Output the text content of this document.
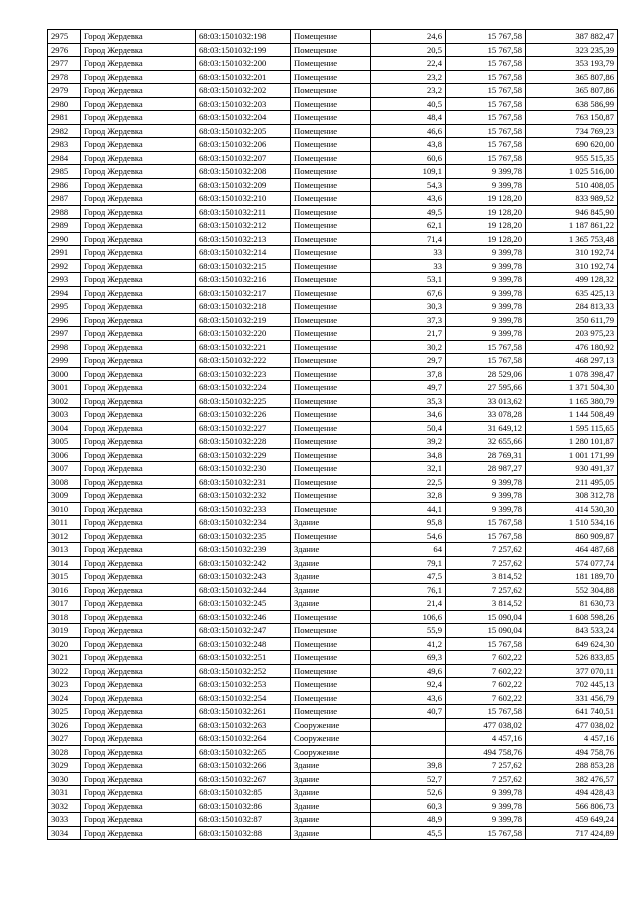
2975	Город Жердевка	68:03:1501032:198	Помещение	24,6	15 767,58	387 882,47
2976	Город Жердевка	68:03:1501032:199	Помещение	20,5	15 767,58	323 235,39
2977	Город Жердевка	68:03:1501032:200	Помещение	22,4	15 767,58	353 193,79
2978	Город Жердевка	68:03:1501032:201	Помещение	23,2	15 767,58	365 807,86
2979	Город Жердевка	68:03:1501032:202	Помещение	23,2	15 767,58	365 807,86
2980	Город Жердевка	68:03:1501032:203	Помещение	40,5	15 767,58	638 586,99
2981	Город Жердевка	68:03:1501032:204	Помещение	48,4	15 767,58	763 150,87
2982	Город Жердевка	68:03:1501032:205	Помещение	46,6	15 767,58	734 769,23
2983	Город Жердевка	68:03:1501032:206	Помещение	43,8	15 767,58	690 620,00
2984	Город Жердевка	68:03:1501032:207	Помещение	60,6	15 767,58	955 515,35
2985	Город Жердевка	68:03:1501032:208	Помещение	109,1	9 399,78	1 025 516,00
2986	Город Жердевка	68:03:1501032:209	Помещение	54,3	9 399,78	510 408,05
2987	Город Жердевка	68:03:1501032:210	Помещение	43,6	19 128,20	833 989,52
2988	Город Жердевка	68:03:1501032:211	Помещение	49,5	19 128,20	946 845,90
2989	Город Жердевка	68:03:1501032:212	Помещение	62,1	19 128,20	1 187 861,22
2990	Город Жердевка	68:03:1501032:213	Помещение	71,4	19 128,20	1 365 753,48
2991	Город Жердевка	68:03:1501032:214	Помещение	33	9 399,78	310 192,74
2992	Город Жердевка	68:03:1501032:215	Помещение	33	9 399,78	310 192,74
2993	Город Жердевка	68:03:1501032:216	Помещение	53,1	9 399,78	499 128,32
2994	Город Жердевка	68:03:1501032:217	Помещение	67,6	9 399,78	635 425,13
2995	Город Жердевка	68:03:1501032:218	Помещение	30,3	9 399,78	284 813,33
2996	Город Жердевка	68:03:1501032:219	Помещение	37,3	9 399,78	350 611,79
2997	Город Жердевка	68:03:1501032:220	Помещение	21,7	9 399,78	203 975,23
2998	Город Жердевка	68:03:1501032:221	Помещение	30,2	15 767,58	476 180,92
2999	Город Жердевка	68:03:1501032:222	Помещение	29,7	15 767,58	468 297,13
3000	Город Жердевка	68:03:1501032:223	Помещение	37,8	28 529,06	1 078 398,47
3001	Город Жердевка	68:03:1501032:224	Помещение	49,7	27 595,66	1 371 504,30
3002	Город Жердевка	68:03:1501032:225	Помещение	35,3	33 013,62	1 165 380,79
3003	Город Жердевка	68:03:1501032:226	Помещение	34,6	33 078,28	1 144 508,49
3004	Город Жердевка	68:03:1501032:227	Помещение	50,4	31 649,12	1 595 115,65
3005	Город Жердевка	68:03:1501032:228	Помещение	39,2	32 655,66	1 280 101,87
3006	Город Жердевка	68:03:1501032:229	Помещение	34,8	28 769,31	1 001 171,99
3007	Город Жердевка	68:03:1501032:230	Помещение	32,1	28 987,27	930 491,37
3008	Город Жердевка	68:03:1501032:231	Помещение	22,5	9 399,78	211 495,05
3009	Город Жердевка	68:03:1501032:232	Помещение	32,8	9 399,78	308 312,78
3010	Город Жердевка	68:03:1501032:233	Помещение	44,1	9 399,78	414 530,30
3011	Город Жердевка	68:03:1501032:234	Здание	95,8	15 767,58	1 510 534,16
3012	Город Жердевка	68:03:1501032:235	Помещение	54,6	15 767,58	860 909,87
3013	Город Жердевка	68:03:1501032:239	Здание	64	7 257,62	464 487,68
3014	Город Жердевка	68:03:1501032:242	Здание	79,1	7 257,62	574 077,74
3015	Город Жердевка	68:03:1501032:243	Здание	47,5	3 814,52	181 189,70
3016	Город Жердевка	68:03:1501032:244	Здание	76,1	7 257,62	552 304,88
3017	Город Жердевка	68:03:1501032:245	Здание	21,4	3 814,52	81 630,73
3018	Город Жердевка	68:03:1501032:246	Помещение	106,6	15 090,04	1 608 598,26
3019	Город Жердевка	68:03:1501032:247	Помещение	55,9	15 090,04	843 533,24
3020	Город Жердевка	68:03:1501032:248	Помещение	41,2	15 767,58	649 624,30
3021	Город Жердевка	68:03:1501032:251	Помещение	69,3	7 602,22	526 833,85
3022	Город Жердевка	68:03:1501032:252	Помещение	49,6	7 602,22	377 070,11
3023	Город Жердевка	68:03:1501032:253	Помещение	92,4	7 602,22	702 445,13
3024	Город Жердевка	68:03:1501032:254	Помещение	43,6	7 602,22	331 456,79
3025	Город Жердевка	68:03:1501032:261	Помещение	40,7	15 767,58	641 740,51
3026	Город Жердевка	68:03:1501032:263	Сооружение		477 038,02	477 038,02
3027	Город Жердевка	68:03:1501032:264	Сооружение		4 457,16	4 457,16
3028	Город Жердевка	68:03:1501032:265	Сооружение		494 758,76	494 758,76
3029	Город Жердевка	68:03:1501032:266	Здание	39,8	7 257,62	288 853,28
3030	Город Жердевка	68:03:1501032:267	Здание	52,7	7 257,62	382 476,57
3031	Город Жердевка	68:03:1501032:85	Здание	52,6	9 399,78	494 428,43
3032	Город Жердевка	68:03:1501032:86	Здание	60,3	9 399,78	566 806,73
3033	Город Жердевка	68:03:1501032:87	Здание	48,9	9 399,78	459 649,24
3034	Город Жердевка	68:03:1501032:88	Здание	45,5	15 767,58	717 424,89
